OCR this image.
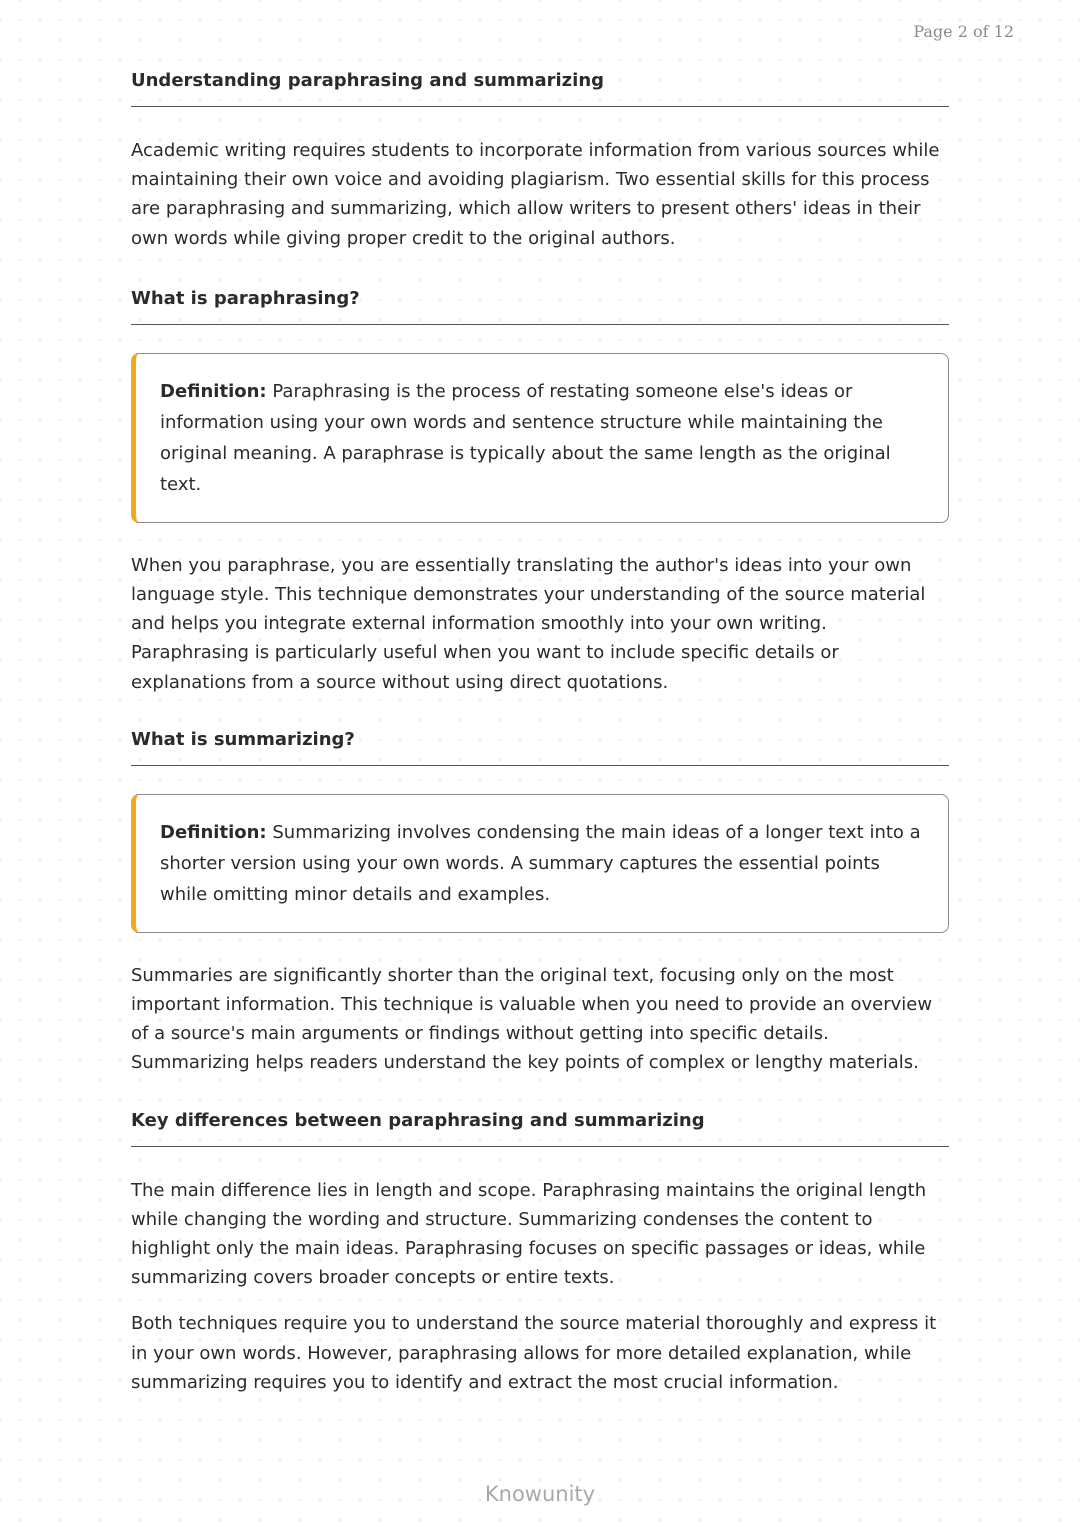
Page 2 of 12
Understanding paraphrasing and summarizing

Academic writing requires students to incorporate information from various sources while maintaining their own voice and avoiding plagiarism. Two essential skills for this process are paraphrasing and summarizing, which allow writers to present others' ideas in their own words while giving proper credit to the original authors.

What is paraphrasing?

Definition: Paraphrasing is the process of restating someone else's ideas or information using your own words and sentence structure while maintaining the original meaning. A paraphrase is typically about the same length as the original text.

When you paraphrase, you are essentially translating the author's ideas into your own language style. This technique demonstrates your understanding of the source material and helps you integrate external information smoothly into your own writing. Paraphrasing is particularly useful when you want to include specific details or explanations from a source without using direct quotations.

What is summarizing?

Definition: Summarizing involves condensing the main ideas of a longer text into a shorter version using your own words. A summary captures the essential points while omitting minor details and examples.

Summaries are significantly shorter than the original text, focusing only on the most important information. This technique is valuable when you need to provide an overview of a source's main arguments or findings without getting into specific details. Summarizing helps readers understand the key points of complex or lengthy materials.

Key differences between paraphrasing and summarizing

The main difference lies in length and scope. Paraphrasing maintains the original length while changing the wording and structure. Summarizing condenses the content to highlight only the main ideas. Paraphrasing focuses on specific passages or ideas, while summarizing covers broader concepts or entire texts.

Both techniques require you to understand the source material thoroughly and express it in your own words. However, paraphrasing allows for more detailed explanation, while summarizing requires you to identify and extract the most crucial information.

Knowunity
